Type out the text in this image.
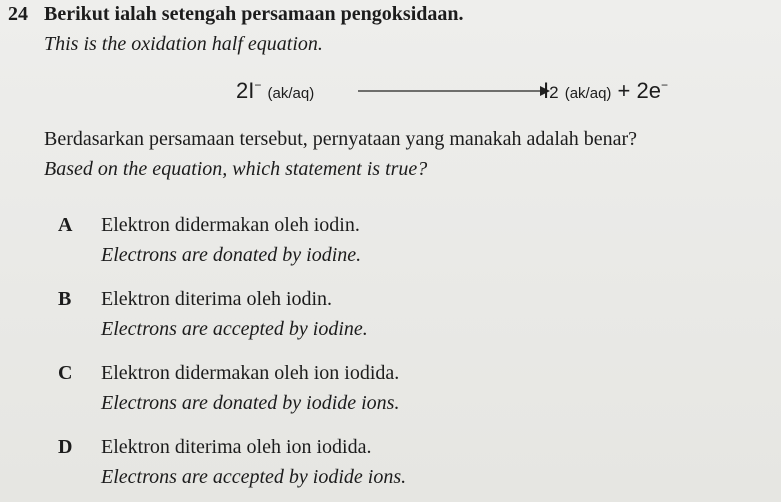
24 Berikut ialah setengah persamaan pengoksidaan.
This is the oxidation half equation.
2I− (ak/aq)	I2 (ak/aq) + 2e−
Berdasarkan persamaan tersebut, pernyataan yang manakah adalah benar?
Based on the equation, which statement is true?
A Elektron didermakan oleh iodin.
Electrons are donated by iodine.
B Elektron diterima oleh iodin.
Electrons are accepted by iodine.
C Elektron didermakan oleh ion iodida.
Electrons are donated by iodide ions.
D Elektron diterima oleh ion iodida.
Electrons are accepted by iodide ions.
